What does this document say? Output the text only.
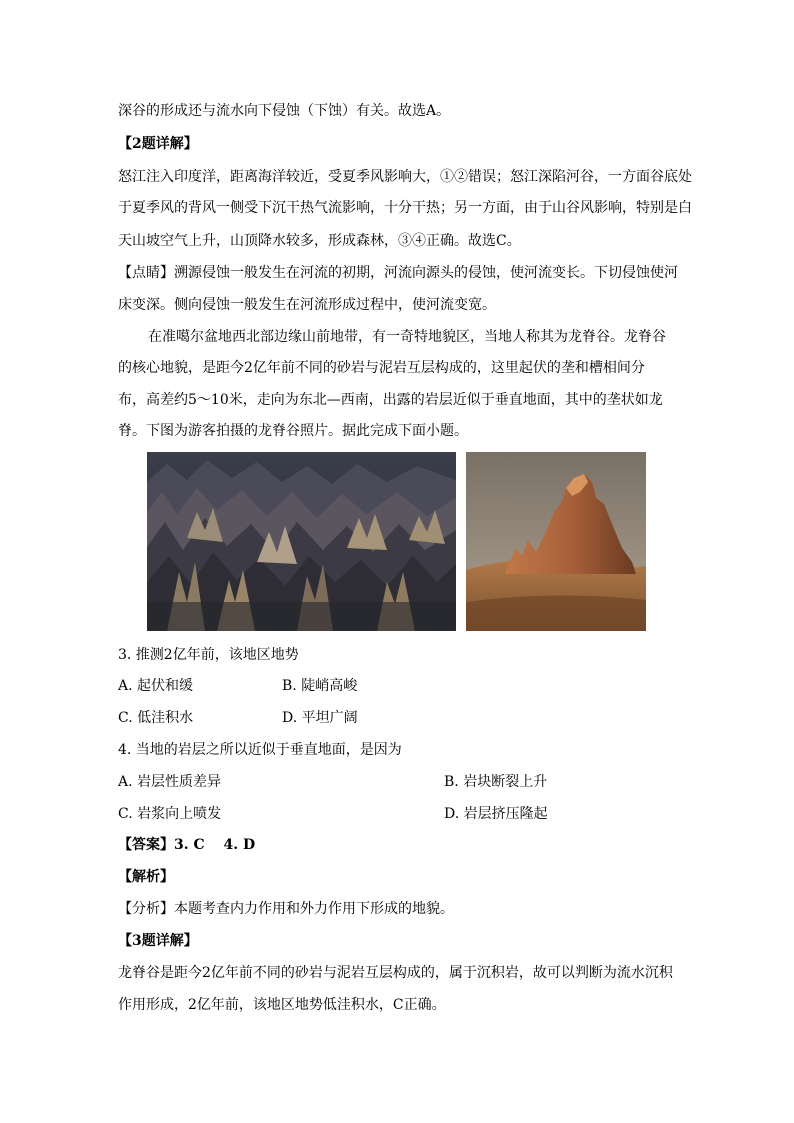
深谷的形成还与流水向下侵蚀（下蚀）有关。故选A。
【2题详解】
怒江注入印度洋，距离海洋较近，受夏季风影响大，①②错误；怒江深陷河谷，一方面谷底处
于夏季风的背风一侧受下沉干热气流影响，十分干热；另一方面，由于山谷风影响，特别是白
天山坡空气上升，山顶降水较多，形成森林，③④正确。故选C。
【点睛】溯源侵蚀一般发生在河流的初期，河流向源头的侵蚀，使河流变长。下切侵蚀使河
床变深。侧向侵蚀一般发生在河流形成过程中，使河流变宽。
在准噶尔盆地西北部边缘山前地带，有一奇特地貌区，当地人称其为龙脊谷。龙脊谷
的核心地貌，是距今2亿年前不同的砂岩与泥岩互层构成的，这里起伏的垄和槽相间分
布，高差约5～10米，走向为东北—西南，出露的岩层近似于垂直地面，其中的垄状如龙
脊。下图为游客拍摄的龙脊谷照片。据此完成下面小题。
3. 推测2亿年前，该地区地势
A. 起伏和缓	B. 陡峭高峻
C. 低洼积水	D. 平坦广阔
4. 当地的岩层之所以近似于垂直地面，是因为
A. 岩层性质差异	B. 岩块断裂上升
C. 岩浆向上喷发	D. 岩层挤压隆起
【答案】3. C　 4. D
【解析】
【分析】本题考查内力作用和外力作用下形成的地貌。
【3题详解】
龙脊谷是距今2亿年前不同的砂岩与泥岩互层构成的，属于沉积岩，故可以判断为流水沉积
作用形成，2亿年前，该地区地势低洼积水，C正确。
